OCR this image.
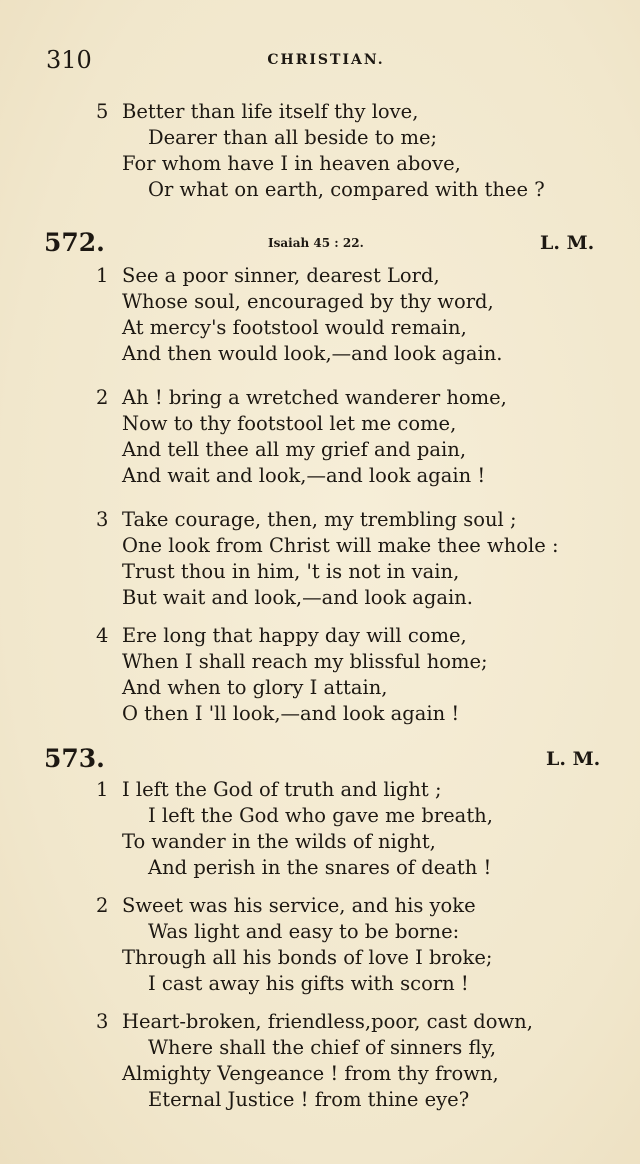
310	CHRISTIAN.
5 Better than life itself thy love,
Dearer than all beside to me;
For whom have I in heaven above,
Or what on earth, compared with thee ?
572.	Isaiah 45 : 22.	L. M.
1 See a poor sinner, dearest Lord,
Whose soul, encouraged by thy word,
At mercy's footstool would remain,
And then would look,—and look again.
2 Ah ! bring a wretched wanderer home,
Now to thy footstool let me come,
And tell thee all my grief and pain,
And wait and look,—and look again !
3 Take courage, then, my trembling soul ;
One look from Christ will make thee whole :
Trust thou in him, 't is not in vain,
But wait and look,—and look again.
4 Ere long that happy day will come,
When I shall reach my blissful home;
And when to glory I attain,
O then I 'll look,—and look again !
573.	L. M.
1 I left the God of truth and light ;
I left the God who gave me breath,
To wander in the wilds of night,
And perish in the snares of death !
2 Sweet was his service, and his yoke
Was light and easy to be borne:
Through all his bonds of love I broke;
I cast away his gifts with scorn !
3 Heart-broken, friendless,poor, cast down,
Where shall the chief of sinners fly,
Almighty Vengeance ! from thy frown,
Eternal Justice ! from thine eye?
